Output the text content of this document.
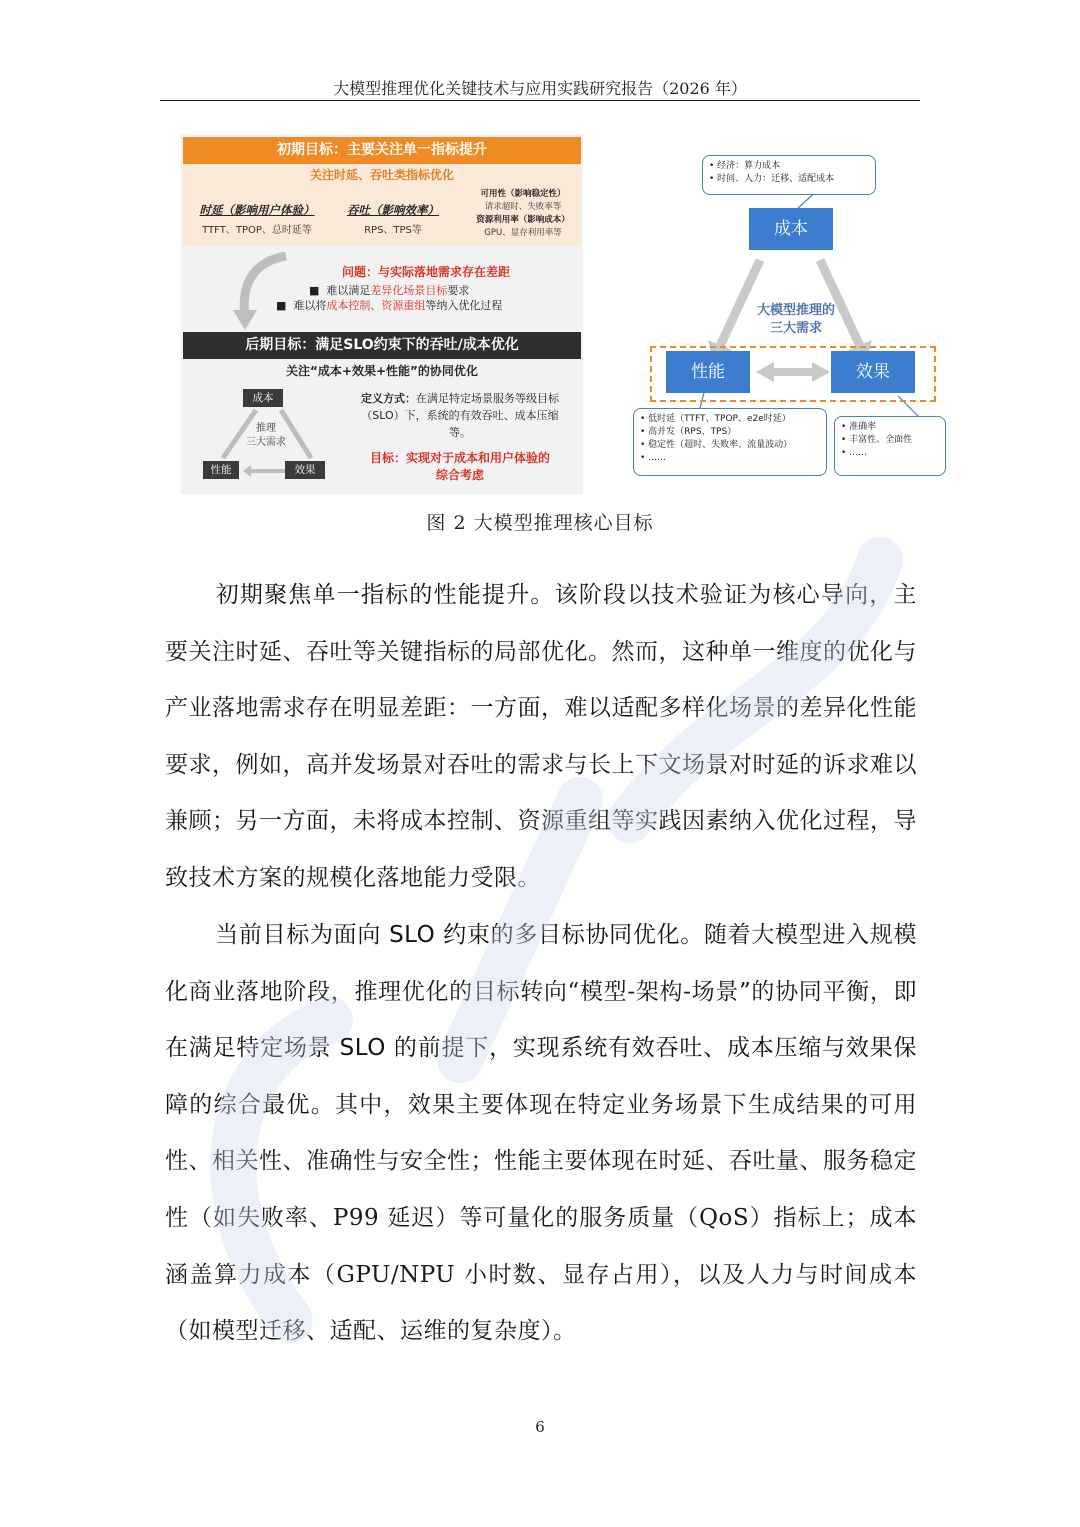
大模型推理优化关键技术与应用实践研究报告（2026 年）
初期目标：主要关注单一指标提升
关注时延、吞吐类指标优化
时延（影响用户体验）
TTFT、TPOP、总时延等
吞吐（影响效率）
RPS、TPS等
可用性（影响稳定性）
请求超时、失败率等
资源利用率（影响成本）
GPU、显存利用率等
问题：与实际落地需求存在差距
■  难以满足差异化场景目标要求
■  难以将成本控制、资源重组等纳入优化过程
后期目标：满足SLO约束下的吞吐/成本优化
关注“成本+效果+性能”的协同优化
成本
推理
三大需求
性能	效果
定义方式：在满足特定场景服务等级目标（SLO）下，系统的有效吞吐、成本压缩等。
目标：实现对于成本和用户体验的
综合考虑
• 经济：算力成本
• 时间、人力：迁移、适配成本
成本
大模型推理的
三大需求
性能	效果
• 低时延（TTFT、TPOP、e2e时延）
• 高并发（RPS、TPS）
• 稳定性（超时、失败率、流量波动）
• ……
• 准确率
• 丰富性、全面性
• ……
图 2 大模型推理核心目标
初期聚焦单一指标的性能提升。该阶段以技术验证为核心导向，主要关注时延、吞吐等关键指标的局部优化。然而，这种单一维度的优化与产业落地需求存在明显差距：一方面，难以适配多样化场景的差异化性能要求，例如，高并发场景对吞吐的需求与长上下文场景对时延的诉求难以兼顾；另一方面，未将成本控制、资源重组等实践因素纳入优化过程，导致技术方案的规模化落地能力受限。
当前目标为面向 SLO 约束的多目标协同优化。随着大模型进入规模化商业落地阶段，推理优化的目标转向“模型-架构-场景”的协同平衡，即在满足特定场景 SLO 的前提下，实现系统有效吞吐、成本压缩与效果保障的综合最优。其中，效果主要体现在特定业务场景下生成结果的可用性、相关性、准确性与安全性；性能主要体现在时延、吞吐量、服务稳定性（如失败率、P99 延迟）等可量化的服务质量（QoS）指标上；成本涵盖算力成本（GPU/NPU 小时数、显存占用），以及人力与时间成本（如模型迁移、适配、运维的复杂度）。
6
